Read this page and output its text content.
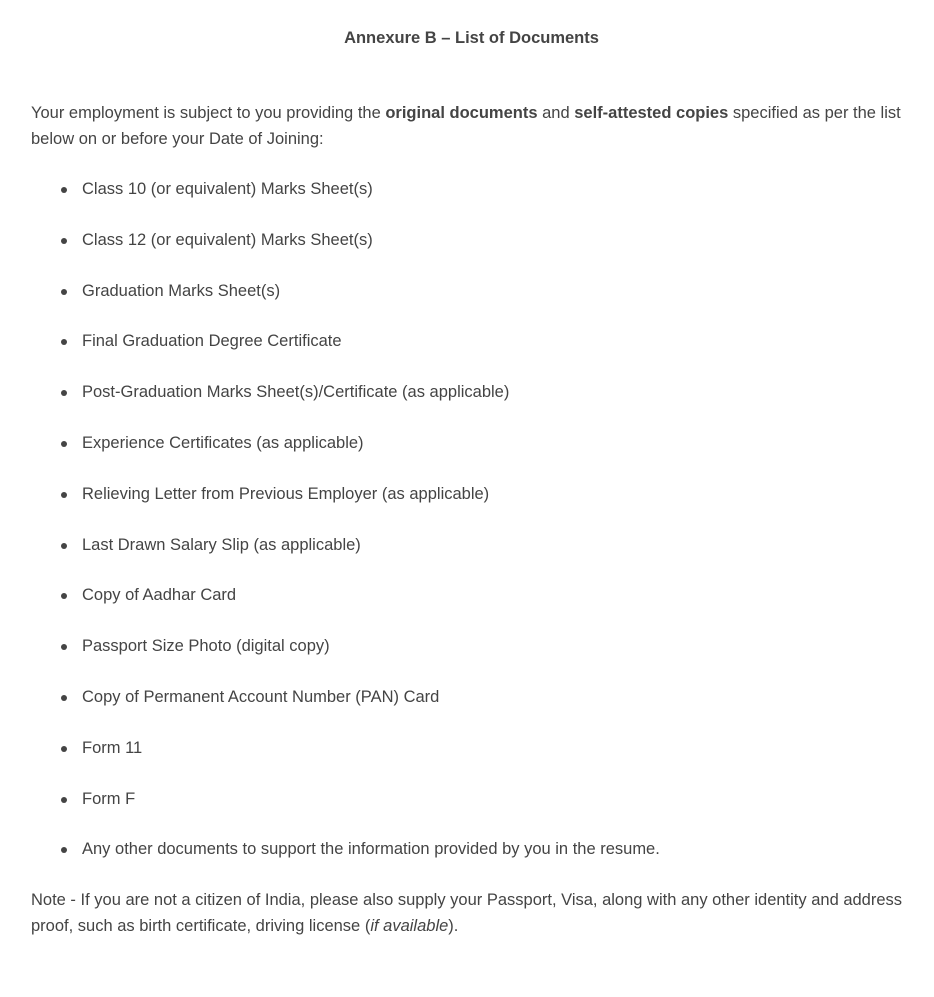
Annexure B – List of Documents

Your employment is subject to you providing the original documents and self-attested copies specified as per the list below on or before your Date of Joining:

Class 10 (or equivalent) Marks Sheet(s)
Class 12 (or equivalent) Marks Sheet(s)
Graduation Marks Sheet(s)
Final Graduation Degree Certificate
Post-Graduation Marks Sheet(s)/Certificate (as applicable)
Experience Certificates (as applicable)
Relieving Letter from Previous Employer (as applicable)
Last Drawn Salary Slip (as applicable)
Copy of Aadhar Card
Passport Size Photo (digital copy)
Copy of Permanent Account Number (PAN) Card
Form 11
Form F
Any other documents to support the information provided by you in the resume.

Note - If you are not a citizen of India, please also supply your Passport, Visa, along with any other identity and address proof, such as birth certificate, driving license (if available).
